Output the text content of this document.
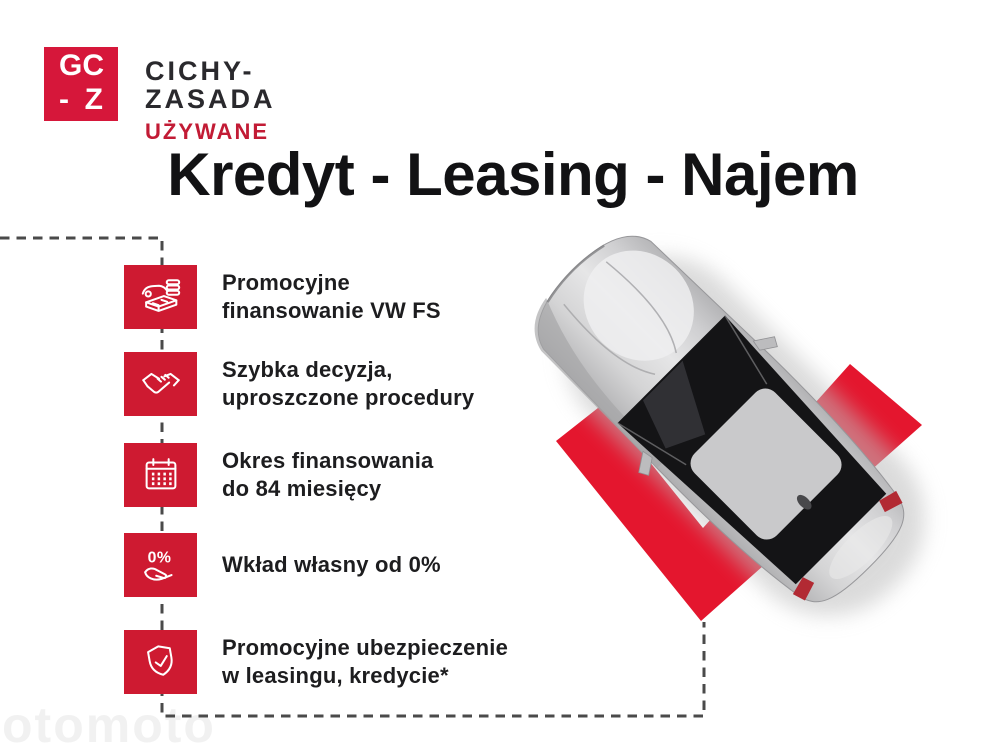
otomoto
G C
- Z
CICHY-ZASADA
UŻYWANE
Kredyt - Leasing - Najem
Promocyjne
finansowanie VW FS
Szybka decyzja,
uproszczone procedury
Okres finansowania
do 84 miesięcy
0% Wkład własny od 0%
Promocyjne ubezpieczenie
w leasingu, kredycie*
